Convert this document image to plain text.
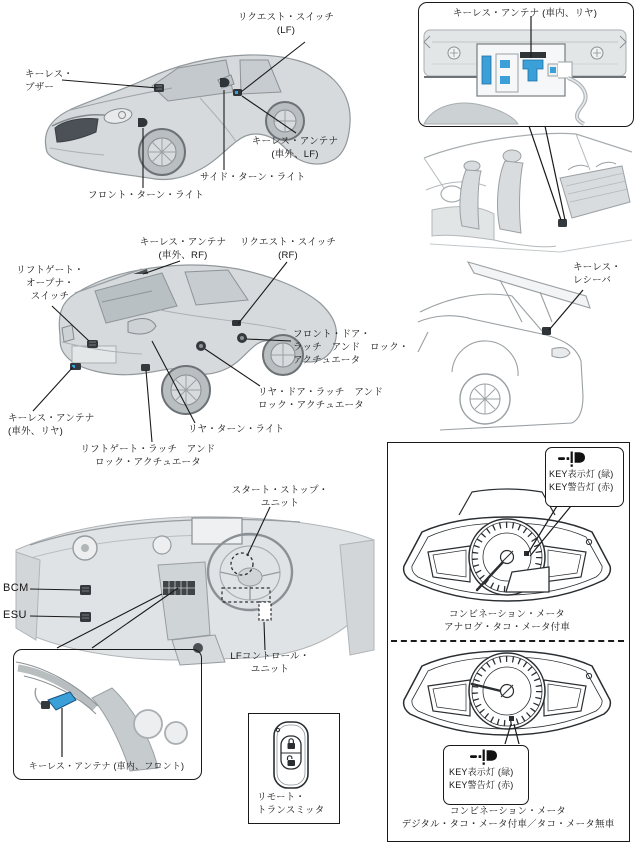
リクエスト・スイッチ
(LF)
キーレス・
ブザー
キーレス・アンテナ
(車外、LF)
サイド・ターン・ライト
フロント・ターン・ライト
キーレス・アンテナ (車内、リヤ)
キーレス・アンテナ
(車外、RF)
リクエスト・スイッチ
(RF)
リフトゲート・
オープナ・
スイッチ
フロント・ドア・
ラッチ　アンド　ロック・
アクチュエータ
リヤ・ドア・ラッチ　アンド
ロック・アクチュエータ
キーレス・アンテナ
(車外、リヤ)	リヤ・ターン・ライト
リフトゲート・ラッチ　アンド
ロック・アクチュエータ
キーレス・
レシーバ
スタート・ストップ・
ユニット
BCM
ESU
LFコントロール・
ユニット
キーレス・アンテナ (車内、フロント)
リモート・
トランスミッタ
KEY表示灯 (緑)
KEY警告灯 (赤)
コンビネーション・メータ
アナログ・タコ・メータ付車
KEY表示灯 (緑)
KEY警告灯 (赤)
コンビネーション・メータ
デジタル・タコ・メータ付車／タコ・メータ無車
